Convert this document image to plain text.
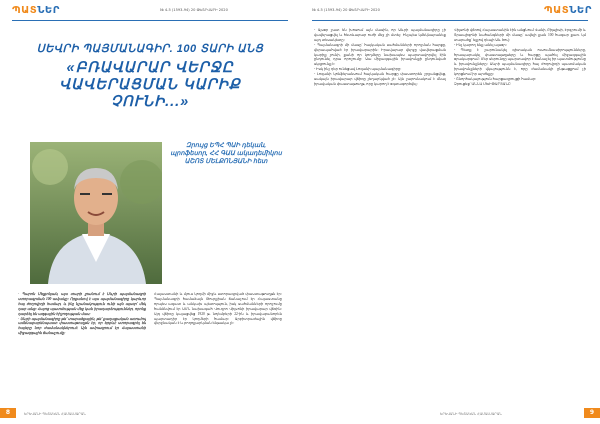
ՊԱՏՆԵՐ	№ 4-5 (1593-94) 20 ՓԵՏՐՎԱՐԻ 2020
ՍԵՎՐԻ ՊԱՅՄԱՆԱԳԻՐ. 100 ՏԱՐԻ ԱՆՑ
«ԲՌԱՎԱՐԱՐ ՎԵՐՋԸ ՎԱՎԵՐԱՑՄԱՆ ԿԱՐԻՔ ՉՈՒՆԻ...»
Զրույց ԵՊՀ ՊԱԻ դեկան, պրոֆեսոր, ՀՀ ԳԱԱ ակադեմիկոս ԱՇՈՏ ՄԵԼՔՈՆՅԱՆԻ հետ
- Պարոն Մելքոնյան, այս տարի լրանում է Սևրի պայմանագրի ստորագրման 100-ամյակը։ Որքանով է այս պայմանագիրը կարևոր հայ ժողովրդի համար, և ինչ նշանակություն ունի այն այսօր՝ մեկ դար անց։ Հայոց պատմության մեջ կան իրադարձություններ, որոնք դարձել են ազգային հիշողության մաս։
- Սևրի պայմանագիրը թե՛ տարածքային, թե՛ քաղաքական առումով ամենաբարենպաստ փաստաթուղթն էր, որ երբևէ ստորագրել են հայերը նոր ժամանակներում։ Այն ամրագրում էր Հայաստանի միջազգային ճանաչումը։
Հայաստանի և մյուս կողմի միջև ստորագրված փաստաթուղթն էր։ Պայմանագրի համաձայն Թուրքիան ճանաչում էր Հայաստանը որպես ազատ և անկախ պետություն, իսկ սահմանների որոշումը հանձնվում էր ԱՄՆ նախագահ Վուդրո Վիլսոնի իրավարար վճռին։ Այդ վճիռը կայացվեց 1920 թ. նոյեմբերի 22-ին և իրավաբանորեն պարտադիր էր կողմերի համար։ Արբիտրաժային վճիռը վերջնական է և բողոքարկման ենթակա չէ։
8	ԵՐԵՎԱՆԻ ՊԵՏԱԿԱՆ ՀԱՄԱԼՍԱՐԱՆ
№ 4-5 (1593-94) 20 ՓԵՏՐՎԱՐԻ 2020	ՊԱՏՆԵՐ
- Այսօր շատ են խոսում այն մասին, որ Սևրի պայմանագիրը չի վավերացվել և հետևաբար ուժի մեջ չի մտել։ Ինչպես կմեկնաբանեք այդ տեսակետը։
- Պայմանագրի մի մասը՝ հայկական սահմանների որոշման հարցը, վերապահված էր իրավարարին։ Իրավարար վերջը վավերացման կարիք չունի, քանի որ կողմերը նախապես պարտավորվել էին ընդունել դրա որոշումը։ Սա միջազգային իրավունքի ընդունված սկզբունք է։
- Իսկ ինչ դեր ունեցավ Լոզանի պայմանագիրը։
- Լոզանի կոնֆերանսում հայկական հարցը փաստորեն շրջանցվեց, սակայն իրավարար վճիռը չեղարկված չէ։ Այն շարունակում է մնալ իրավական փաստաթուղթ, որը կարող է օգտագործվել։
Վիլսոնի վճռով Հայաստանին էին անցնում Վանի, Բիթլիսի, Էրզրումի և Տրապիզոնի նահանգների մի մասը՝ ավելի քան 100 հազար քառ. կմ տարածք՝ ելքով դեպի Սև ծով։
- Ինչ կարող ենք անել այսօր։
- Պետք է շարունակել գիտական ուսումնասիրությունները, հրապարակել փաստաթղթերը և հարցը պահել միջազգային օրակարգում։ Մեր սերունդը պարտավոր է ճանաչել իր պատմությունը և իրավունքները։ Սևրի պայմանագիրը հայ ժողովրդի պատմական իրավունքների վկայությունն է, որը ժամանակի ընթացքում չի կորցնում իր արժեքը։
- Շնորհակալություն հարցազրույցի համար։
Զրուցեց՝ ԱՆՆԱ ՄԽԻԹԱՐՅԱՆԸ
ԵՐԵՎԱՆԻ ՊԵՏԱԿԱՆ ՀԱՄԱԼՍԱՐԱՆ	9
